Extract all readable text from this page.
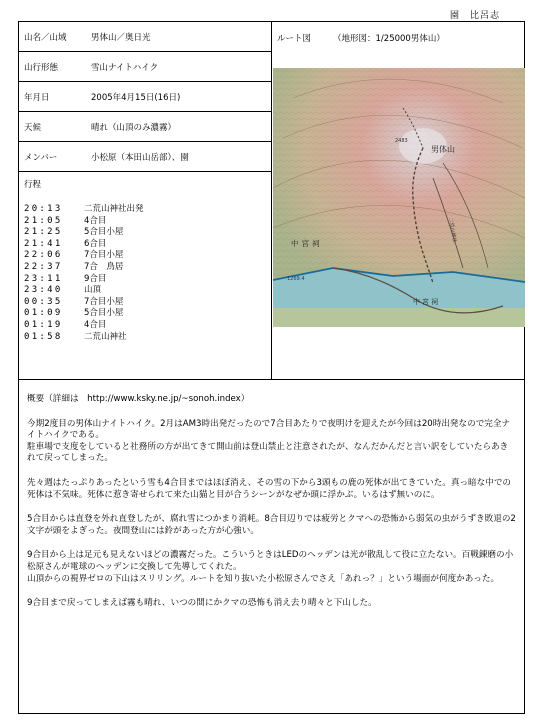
園　比呂志
山名／山域	男体山／奥日光
山行形態	雪山ナイトハイク
年月日	2005年4月15日(16日)
天候	晴れ（山頂のみ濃霧）
メンバー	小松原（本田山岳部）、園
行程
20:13	二荒山神社出発
21:05	4合目
21:25	5合目小屋
21:41	6合目
22:06	7合目小屋
22:37	7合　鳥居
23:11	9合目
23:40	山頂
00:35	7合目小屋
01:09	5合目小屋
01:19	4合目
01:58	二荒山神社
ルート図	（地形図：1/25000男体山）
男体山
2483
中宮祠
中宮祠
1269.4
二荒山神社

概要（詳細は　http://www.ksky.ne.jp/~sonoh.index）

今期2度目の男体山ナイトハイク。2月はAM3時出発だったので7合目あたりで夜明けを迎えたが今回は20時出発なので完全ナイトハイクである。
駐車場で支度をしていると社務所の方が出てきて開山前は登山禁止と注意されたが、なんだかんだと言い訳をしていたらあきれて戻ってしまった。

先々週はたっぷりあったという雪も4合目まではほぼ消え、その雪の下から3頭もの鹿の死体が出てきていた。真っ暗な中での死体は不気味。死体に惹き寄せられて来た山猫と目が合うシーンがなぜか頭に浮かぶ。いるはず無いのに。

5合目からは直登を外れ直登したが、腐れ雪につかまり消耗。8合目辺りでは疲労とクマへの恐怖から弱気の虫がうずき敗退の2文字が頭をよぎった。夜間登山には鈴があった方が心強い。

9合目から上は足元も見えないほどの濃霧だった。こういうときはLEDのヘッデンは光が散乱して役に立たない。百戦錬磨の小松原さんが電球のヘッデンに交換して先導してくれた。
山頂からの視界ゼロの下山はスリリング。ルートを知り抜いた小松原さんでさえ「あれっ？」という場面が何度かあった。

9合目まで戻ってしまえば霧も晴れ、いつの間にかクマの恐怖も消え去り晴々と下山した。
